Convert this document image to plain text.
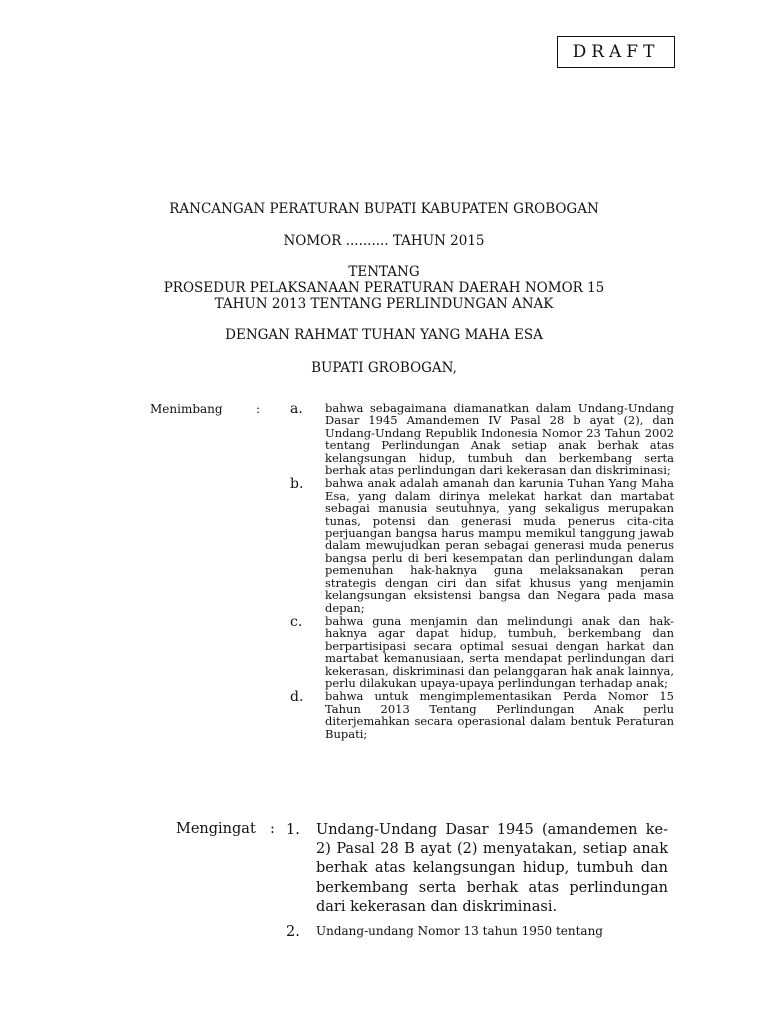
DRAFT
RANCANGAN PERATURAN BUPATI KABUPATEN GROBOGAN
NOMOR .......... TAHUN 2015
TENTANG
PROSEDUR PELAKSANAAN PERATURAN DAERAH NOMOR 15
TAHUN 2013 TENTANG PERLINDUNGAN ANAK
DENGAN RAHMAT TUHAN YANG MAHA ESA
BUPATI GROBOGAN,
Menimbang	: a.	bahwa sebagaimana diamanatkan dalam Undang-Undang Dasar 1945 Amandemen IV Pasal 28 b ayat (2), dan Undang-Undang Republik Indonesia Nomor 23 Tahun 2002 tentang Perlindungan Anak setiap anak berhak atas kelangsungan hidup, tumbuh dan berkembang serta berhak atas perlindungan dari kekerasan dan diskriminasi;
b.	bahwa anak adalah amanah dan karunia Tuhan Yang Maha Esa, yang dalam dirinya melekat harkat dan martabat sebagai manusia seutuhnya, yang sekaligus merupakan tunas, potensi dan generasi muda penerus cita-cita perjuangan bangsa harus mampu memikul tanggung jawab dalam mewujudkan peran sebagai generasi muda penerus bangsa perlu di beri kesempatan dan perlindungan dalam pemenuhan hak-haknya guna melaksanakan peran strategis dengan ciri dan sifat khusus yang menjamin kelangsungan eksistensi bangsa dan Negara pada masa depan;
c.	bahwa guna menjamin dan melindungi anak dan hak-haknya agar dapat hidup, tumbuh, berkembang dan berpartisipasi secara optimal sesuai dengan harkat dan martabat kemanusiaan, serta mendapat perlindungan dari kekerasan, diskriminasi dan pelanggaran hak anak lainnya, perlu dilakukan upaya-upaya perlindungan terhadap anak;
d.	bahwa untuk mengimplementasikan Perda Nomor 15 Tahun 2013 Tentang Perlindungan Anak perlu diterjemahkan secara operasional dalam bentuk Peraturan Bupati;
Mengingat : 1.	Undang-Undang Dasar 1945 (amandemen ke-2) Pasal 28 B ayat (2) menyatakan, setiap anak berhak atas kelangsungan hidup, tumbuh dan berkembang serta berhak atas perlindungan dari kekerasan dan diskriminasi.
2.	Undang-undang Nomor 13 tahun 1950 tentang
